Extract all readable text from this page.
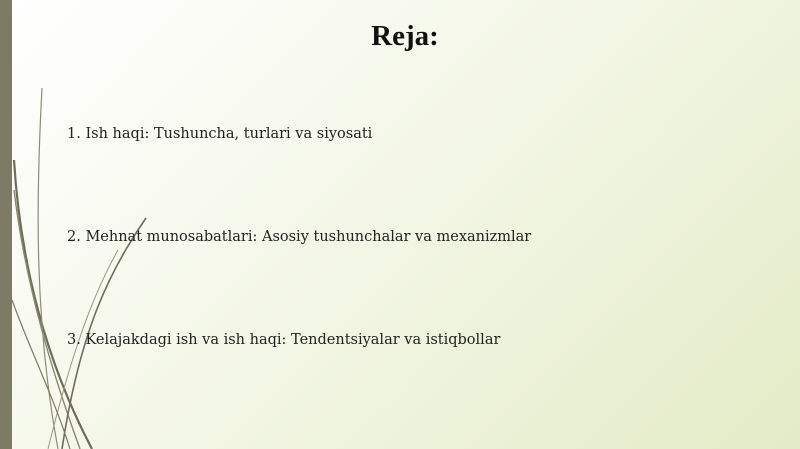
Reja:
1. Ish haqi: Tushuncha, turlari va siyosati
2. Mehnat munosabatlari: Asosiy tushunchalar va mexanizmlar
3. Kelajakdagi ish va ish haqi: Tendentsiyalar va istiqbollar
